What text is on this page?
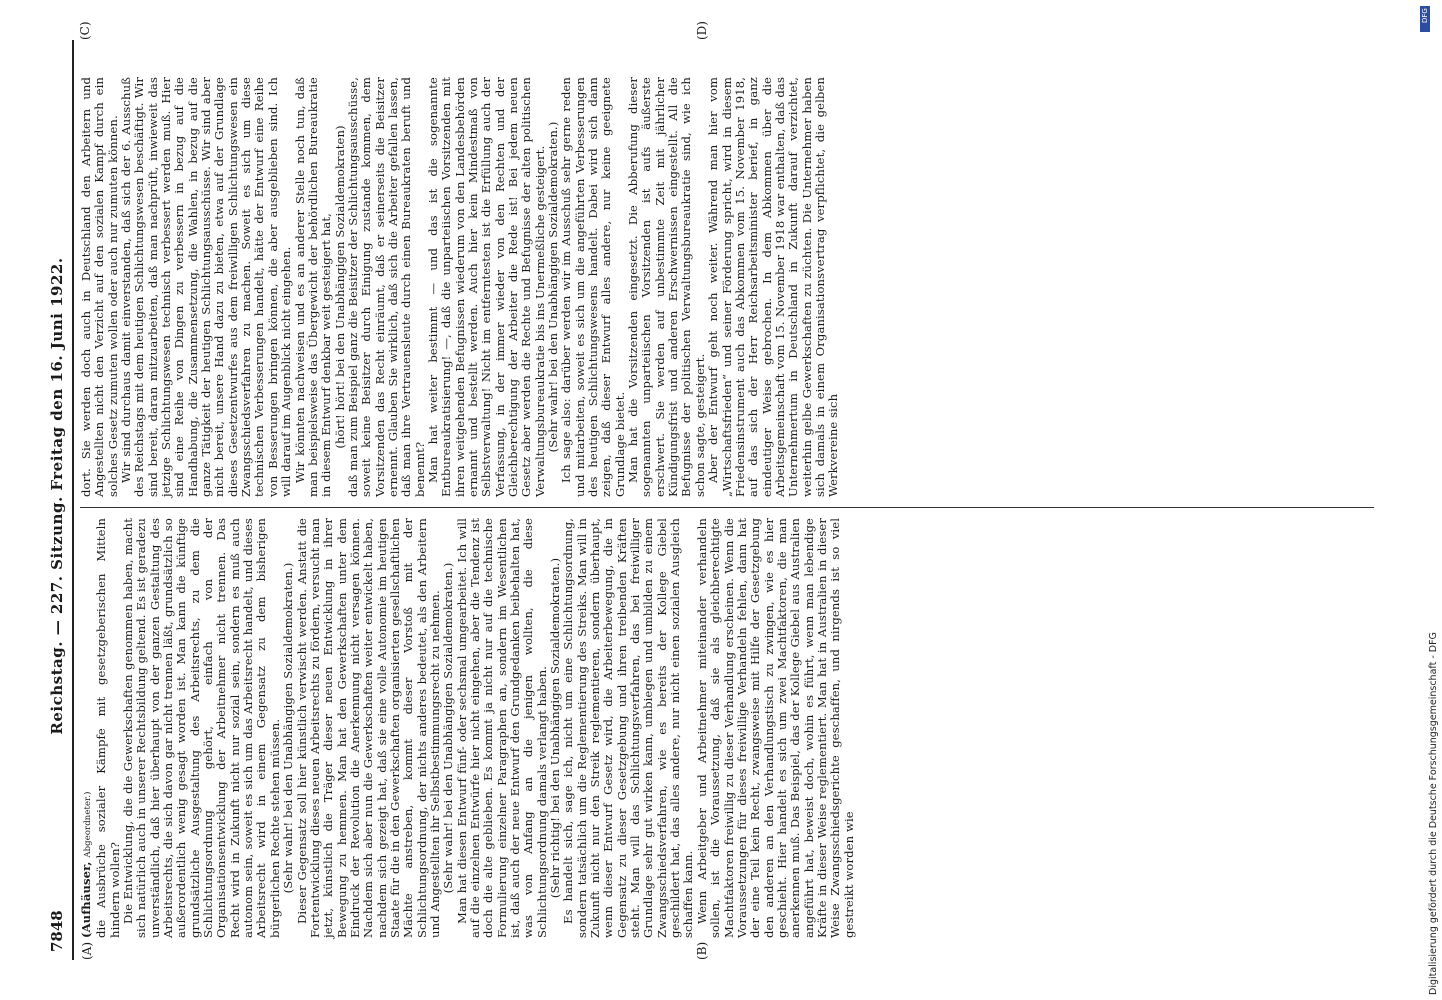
7848
Reichstag. — 227. Sitzung. Freitag den 16. Juni 1922.
(A)	(B)
(C)	(D)

(Aufhäuser, Abgeordneter.) die Ausbrüche sozialer Kämpfe mit gesetzgeberischen Mitteln hindern wollen? Die Entwicklung, die die Gewerkschaften genommen haben, macht sich natürlich auch in unserer Rechtsbildung geltend. Es ist geradezu unverständlich, daß hier überhaupt von der ganzen Gestaltung des Arbeitsrechts, die sich davon gar nicht trennen läßt, grundsätzlich so außerordentlich wenig gesagt worden ist. Man kann die künftige grundsätzliche Ausgestaltung des Arbeitsrechts, zu dem die Schlichtungsordnung gehört, einfach von der Organisationsentwicklung der Arbeitnehmer nicht trennen. Das Recht wird in Zukunft nicht nur sozial sein, sondern es muß auch autonom sein, soweit es sich um das Arbeitsrecht handelt, und dieses Arbeitsrecht wird in einem Gegensatz zu dem bisherigen bürgerlichen Rechte stehen müssen. (Sehr wahr! bei den Unabhängigen Sozialdemokraten.) Dieser Gegensatz soll hier künstlich verwischt werden. Anstatt die Fortentwicklung dieses neuen Arbeitsrechts zu fördern, versucht man jetzt, künstlich die Träger dieser neuen Entwicklung in ihrer Bewegung zu hemmen. Man hat den Gewerkschaften unter dem Eindruck der Revolution die Anerkennung nicht versagen können. Nachdem sich aber nun die Gewerkschaften weiter entwickelt haben, nachdem sich gezeigt hat, daß sie eine volle Autonomie im heutigen Staate für die in den Gewerkschaften organisierten gesellschaftlichen Mächte anstreben, kommt dieser Vorstoß mit der Schlichtungsordnung, der nichts anderes bedeutet, als den Arbeitern und Angestellten ihr Selbstbestimmungsrecht zu nehmen. (Sehr wahr! bei den Unabhängigen Sozialdemokraten.) Man hat diesen Entwurf fünf- oder sechsmal umgearbeitet. Ich will auf die einzelnen Entwürfe hier nicht eingehen, aber die Tendenz ist doch die alte geblieben. Es kommt ja nicht nur auf die technische Formulierung einzelner Paragraphen an, sondern im Wesentlichen ist, daß auch der neue Entwurf den Grundgedanken beibehalten hat, was von Anfang an die jenigen wollten, die diese Schlichtungsordnung damals verlangt haben. (Sehr richtig! bei den Unabhängigen Sozialdemokraten.) Es handelt sich, sage ich, nicht um eine Schlichtungsordnung, sondern tatsächlich um die Reglementierung des Streiks. Man will in Zukunft nicht nur den Streik reglementieren, sondern überhaupt, wenn dieser Entwurf Gesetz wird, die Arbeiterbewegung, die in Gegensatz zu dieser Gesetzgebung und ihren treibenden Kräften steht. Man will das Schlichtungsverfahren, das bei freiwilliger Grundlage sehr gut wirken kann, umbiegen und umbilden zu einem Zwangsschiedsverfahren, wie es bereits der Kollege Giebel geschildert hat, das alles andere, nur nicht einen sozialen Ausgleich schaffen kann. Wenn Arbeitgeber und Arbeitnehmer miteinander verhandeln sollen, ist die Voraussetzung, daß sie als gleichberechtigte Machtfaktoren freiwillig zu dieser Verhandlung erscheinen. Wenn die Voraussetzungen für dieses freiwillige Verhandeln fehlen, dann hat der eine Teil kein Recht, zwangsweise mit Hilfe der Gesetzgebung den anderen an den Verhandlungstisch zu zwingen, wie es hier geschieht. Hier handelt es sich um zwei Machtfaktoren, die man anerkennen muß. Das Beispiel, das der Kollege Giebel aus Australien angeführt hat, beweist doch, wohin es führt, wenn man lebendige Kräfte in dieser Weise reglementiert. Man hat in Australien in dieser Weise Zwangsschiedsgerichte geschaffen, und nirgends ist so viel gestreikt worden wie

dort. Sie werden doch auch in Deutschland den Arbeitern und Angestellten nicht den Verzicht auf den sozialen Kampf durch ein solches Gesetz zumuten wollen oder auch nur zumuten können. Wir sind durchaus damit einverstanden, daß sich der 6. Ausschuß des Reichstags mit dem heutigen Schlichtungswesen beschäftigt. Wir sind bereit, daran mitzuarbeiten, daß man nachprüft, inwieweit das jetzige Schlichtungswesen technisch verbessert werden muß. Hier sind eine Reihe von Dingen zu verbessern in bezug auf die Handhabung, die Zusammensetzung, die Wahlen, in bezug auf die ganze Tätigkeit der heutigen Schlichtungsausschüsse. Wir sind aber nicht bereit, unsere Hand dazu zu bieten, etwa auf der Grundlage dieses Gesetzentwurfes aus dem freiwilligen Schlichtungswesen ein Zwangsschiedsverfahren zu machen. Soweit es sich um diese technischen Verbesserungen handelt, hätte der Entwurf eine Reihe von Besserungen bringen können, die aber ausgeblieben sind. Ich will darauf im Augenblick nicht eingehen. Wir könnten nachweisen und es an anderer Stelle noch tun, daß man beispielsweise das Übergewicht der behördlichen Bureaukratie in diesem Entwurf denkbar weit gesteigert hat, (hört! hört! bei den Unabhängigen Sozialdemokraten) daß man zum Beispiel ganz die Beisitzer der Schlichtungsausschüsse, soweit keine Beisitzer durch Einigung zustande kommen, dem Vorsitzenden das Recht einräumt, daß er seinerseits die Beisitzer ernennt. Glauben Sie wirklich, daß sich die Arbeiter gefallen lassen, daß man ihre Vertrauensleute durch einen Bureaukraten beruft und benennt? Man hat weiter bestimmt — und das ist die sogenannte Entbureaukratisierung! —, daß die unparteiischen Vorsitzenden mit ihren weitgehenden Befugnissen wiederum von den Landesbehörden ernannt und bestellt werden. Auch hier kein Mindestmaß von Selbstverwaltung! Nicht im entferntesten ist die Erfüllung auch der Verfassung, in der immer wieder von den Rechten und der Gleichberechtigung der Arbeiter die Rede ist! Bei jedem neuen Gesetz aber werden die Rechte und Befugnisse der alten politischen Verwaltungsbureaukratie bis ins Unermeßliche gesteigert. (Sehr wahr! bei den Unabhängigen Sozialdemokraten.) Ich sage also: darüber werden wir im Ausschuß sehr gerne reden und mitarbeiten, soweit es sich um die angeführten Verbesserungen des heutigen Schlichtungswesens handelt. Dabei wird sich dann zeigen, daß dieser Entwurf alles andere, nur keine geeignete Grundlage bietet. Man hat die Vorsitzenden eingesetzt. Die Abberufung dieser sogenannten unparteiischen Vorsitzenden ist aufs äußerste erschwert. Sie werden auf unbestimmte Zeit mit jährlicher Kündigungsfrist und anderen Erschwernissen eingestellt. All die Befugnisse der politischen Verwaltungsbureaukratie sind, wie ich schon sagte, gesteigert. Aber der Entwurf geht noch weiter. Während man hier vom „Wirtschaftsfrieden“ und seiner Förderung spricht, wird in diesem Friedensinstrument auch das Abkommen vom 15. November 1918, auf das sich der Herr Reichsarbeitsminister berief, in ganz eindeutiger Weise gebrochen. In dem Abkommen über die Arbeitsgemeinschaft vom 15. November 1918 war enthalten, daß das Unternehmertum in Deutschland in Zukunft darauf verzichtet, weiterhin gelbe Gewerkschaften zu züchten. Die Unternehmer haben sich damals in einem Organisationsvertrag verpflichtet, die gelben Werkvereine sich

Digitalisierung gefördert durch die Deutsche Forschungsgemeinschaft - DFG
DFG
